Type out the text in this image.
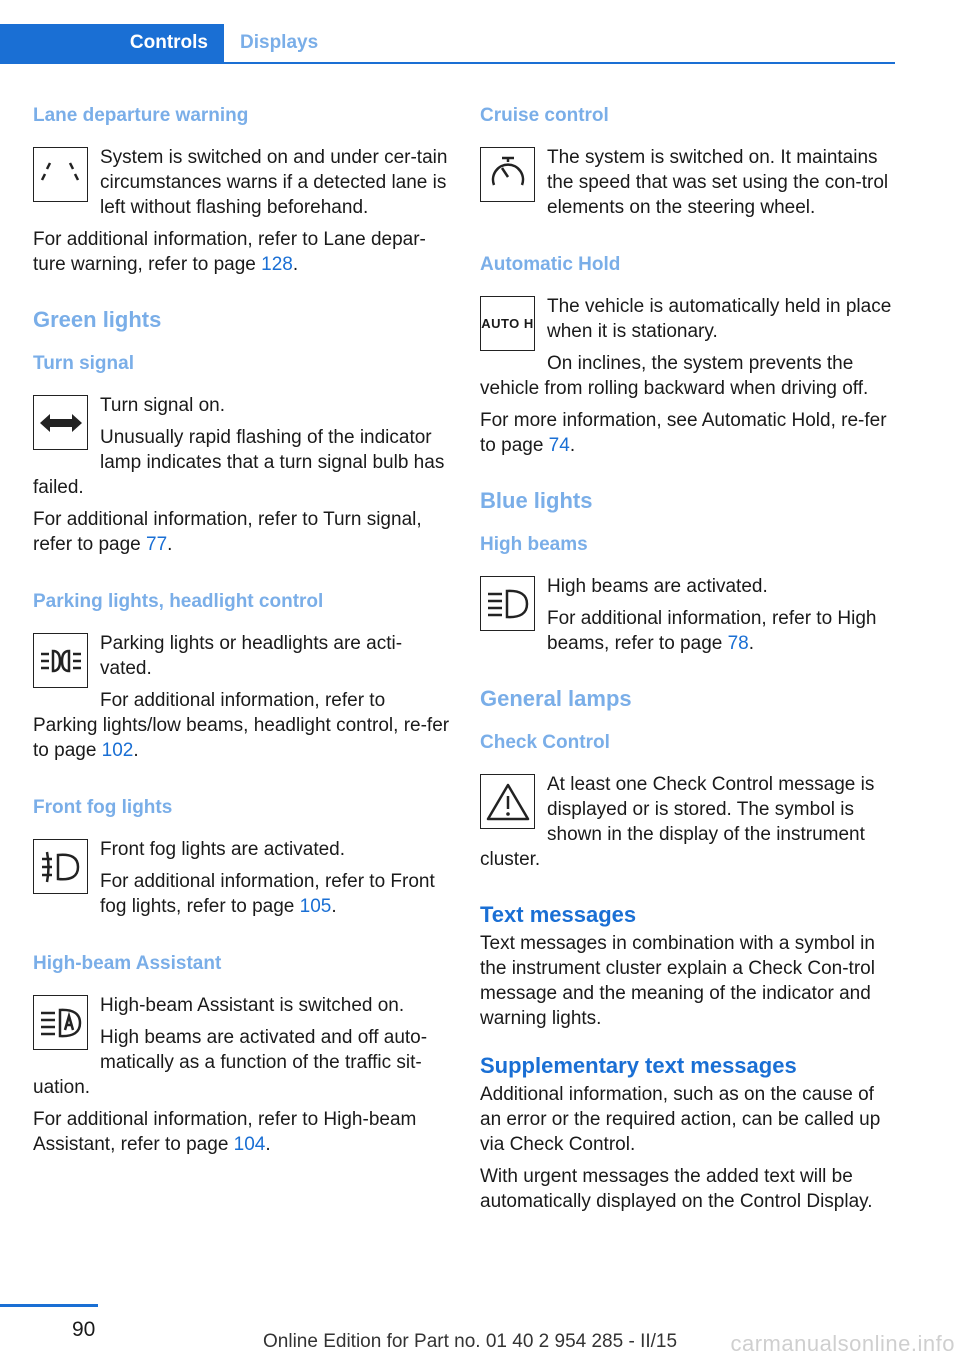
Controls	Displays
Lane departure warning

System is switched on and under cer-tain circumstances warns if a detected lane is left without flashing beforehand.

For additional information, refer to Lane depar-ture warning, refer to page 128.

Green lights
Turn signal

Turn signal on.

Unusually rapid flashing of the indicator lamp indicates that a turn signal bulb has failed.

For additional information, refer to Turn signal, refer to page 77.

Parking lights, headlight control

Parking lights or headlights are acti-vated.

For additional information, refer to Parking lights/low beams, headlight control, re-fer to page 102.

Front fog lights

Front fog lights are activated.

For additional information, refer to Front fog lights, refer to page 105.

High-beam Assistant

High-beam Assistant is switched on.

High beams are activated and off auto-matically as a function of the traffic sit-uation.

For additional information, refer to High-beam Assistant, refer to page 104.

Cruise control

The system is switched on. It maintains the speed that was set using the con-trol elements on the steering wheel.

Automatic Hold
AUTO H

The vehicle is automatically held in place when it is stationary.

On inclines, the system prevents the vehicle from rolling backward when driving off.

For more information, see Automatic Hold, re-fer to page 74.

Blue lights
High beams

High beams are activated.

For additional information, refer to High beams, refer to page 78.

General lamps
Check Control

At least one Check Control message is displayed or is stored. The symbol is shown in the display of the instrument cluster.

Text messages

Text messages in combination with a symbol in the instrument cluster explain a Check Con-trol message and the meaning of the indicator and warning lights.

Supplementary text messages

Additional information, such as on the cause of an error or the required action, can be called up via Check Control.

With urgent messages the added text will be automatically displayed on the Control Display.

90
Online Edition for Part no. 01 40 2 954 285 - II/15 carmanualsonline.info
